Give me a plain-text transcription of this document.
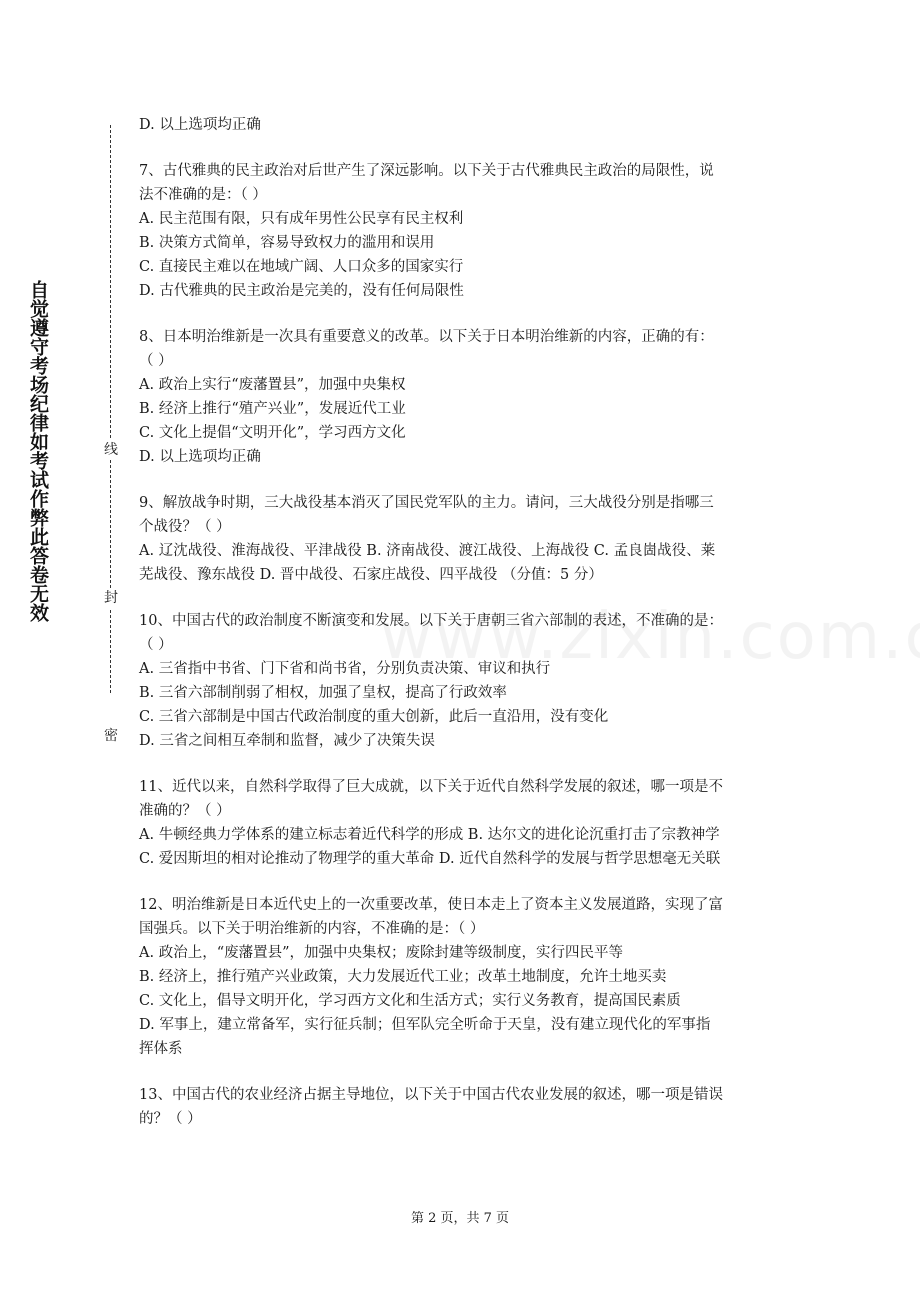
自觉遵守考场纪律如考试作弊此答卷无效	线
封
密

D. 以上选项均正确

7、古代雅典的民主政治对后世产生了深远影响。以下关于古代雅典民主政治的局限性，说

法不准确的是：（ ）

A. 民主范围有限，只有成年男性公民享有民主权利

B. 决策方式简单，容易导致权力的滥用和误用

C. 直接民主难以在地域广阔、人口众多的国家实行

D. 古代雅典的民主政治是完美的，没有任何局限性

8、日本明治维新是一次具有重要意义的改革。以下关于日本明治维新的内容，正确的有：

（ ）

A. 政治上实行“废藩置县”，加强中央集权

B. 经济上推行“殖产兴业”，发展近代工业

C. 文化上提倡“文明开化”，学习西方文化

D. 以上选项均正确

9、解放战争时期，三大战役基本消灭了国民党军队的主力。请问，三大战役分别是指哪三

个战役？（ ）

A. 辽沈战役、淮海战役、平津战役 B. 济南战役、渡江战役、上海战役 C. 孟良崮战役、莱

芜战役、豫东战役 D. 晋中战役、石家庄战役、四平战役 （分值：5 分）

10、中国古代的政治制度不断演变和发展。以下关于唐朝三省六部制的表述，不准确的是：

（ ）

A. 三省指中书省、门下省和尚书省，分别负责决策、审议和执行

B. 三省六部制削弱了相权，加强了皇权，提高了行政效率

C. 三省六部制是中国古代政治制度的重大创新，此后一直沿用，没有变化

D. 三省之间相互牵制和监督，减少了决策失误

11、近代以来，自然科学取得了巨大成就，以下关于近代自然科学发展的叙述，哪一项是不

准确的？（ ）

A. 牛顿经典力学体系的建立标志着近代科学的形成 B. 达尔文的进化论沉重打击了宗教神学

C. 爱因斯坦的相对论推动了物理学的重大革命 D. 近代自然科学的发展与哲学思想毫无关联

12、明治维新是日本近代史上的一次重要改革，使日本走上了资本主义发展道路，实现了富

国强兵。以下关于明治维新的内容，不准确的是：（ ）

A. 政治上，“废藩置县”，加强中央集权；废除封建等级制度，实行四民平等

B. 经济上，推行殖产兴业政策，大力发展近代工业；改革土地制度，允许土地买卖

C. 文化上，倡导文明开化，学习西方文化和生活方式；实行义务教育，提高国民素质

D. 军事上，建立常备军，实行征兵制；但军队完全听命于天皇，没有建立现代化的军事指

挥体系

13、中国古代的农业经济占据主导地位，以下关于中国古代农业发展的叙述，哪一项是错误

的？（ ）

第 2 页，共 7 页
